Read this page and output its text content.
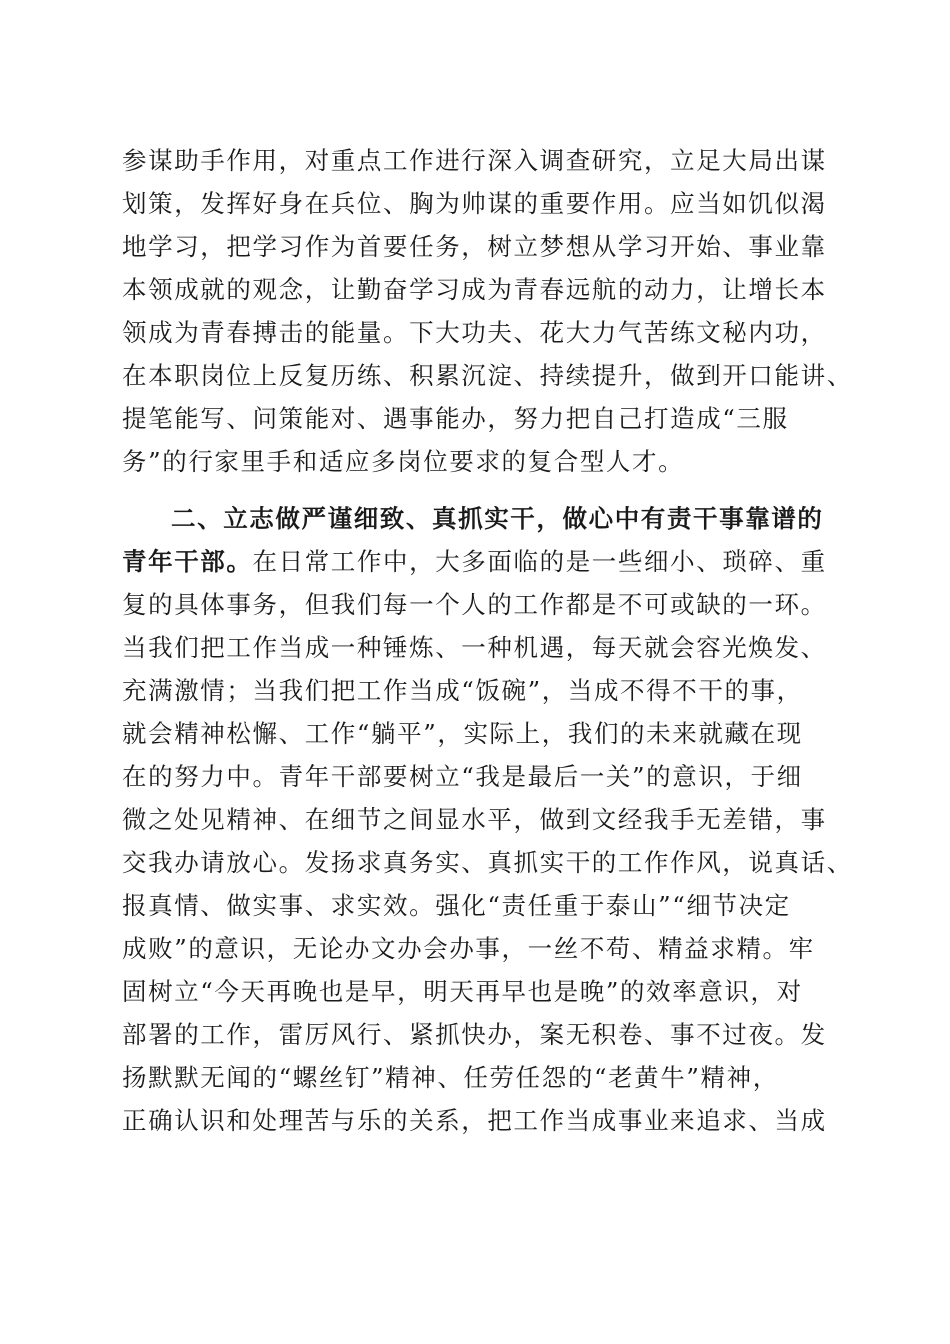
参谋助手作用，对重点工作进行深入调查研究，立足大局出谋
划策，发挥好身在兵位、胸为帅谋的重要作用。应当如饥似渴
地学习，把学习作为首要任务，树立梦想从学习开始、事业靠
本领成就的观念，让勤奋学习成为青春远航的动力，让增长本
领成为青春搏击的能量。下大功夫、花大力气苦练文秘内功，
在本职岗位上反复历练、积累沉淀、持续提升，做到开口能讲、
提笔能写、问策能对、遇事能办，努力把自己打造成“三服
务”的行家里手和适应多岗位要求的复合型人才。
二、立志做严谨细致、真抓实干，做心中有责干事靠谱的
青年干部。在日常工作中，大多面临的是一些细小、琐碎、重
复的具体事务，但我们每一个人的工作都是不可或缺的一环。
当我们把工作当成一种锤炼、一种机遇，每天就会容光焕发、
充满激情；当我们把工作当成“饭碗”，当成不得不干的事，
就会精神松懈、工作“躺平”，实际上，我们的未来就藏在现
在的努力中。青年干部要树立“我是最后一关”的意识，于细
微之处见精神、在细节之间显水平，做到文经我手无差错，事
交我办请放心。发扬求真务实、真抓实干的工作作风，说真话、
报真情、做实事、求实效。强化“责任重于泰山”“细节决定
成败”的意识，无论办文办会办事，一丝不苟、精益求精。牢
固树立“今天再晚也是早，明天再早也是晚”的效率意识，对
部署的工作，雷厉风行、紧抓快办，案无积卷、事不过夜。发
扬默默无闻的“螺丝钉”精神、任劳任怨的“老黄牛”精神，
正确认识和处理苦与乐的关系，把工作当成事业来追求、当成
